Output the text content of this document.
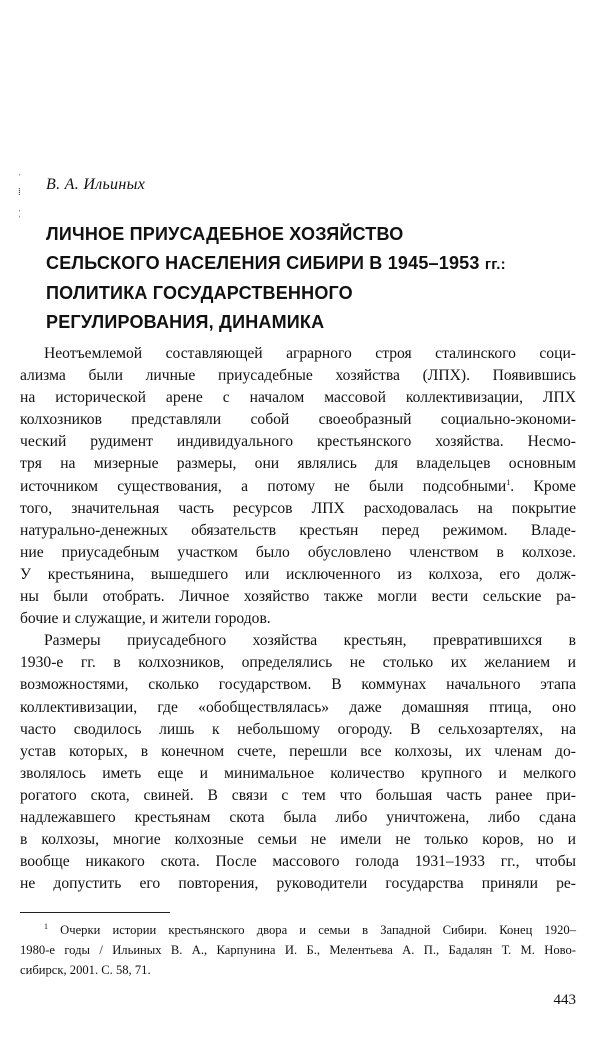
ˈ
⁞
ˌ
ˈ
В. А. Ильиных
ЛИЧНОЕ ПРИУСАДЕБНОЕ ХОЗЯЙСТВО
СЕЛЬСКОГО НАСЕЛЕНИЯ СИБИРИ В 1945–1953 гг.:
ПОЛИТИКА ГОСУДАРСТВЕННОГО
РЕГУЛИРОВАНИЯ, ДИНАМИКА
Неотъемлемой составляющей аграрного строя сталинского соци-
ализма были личные приусадебные хозяйства (ЛПХ). Появившись
на исторической арене с началом массовой коллективизации, ЛПХ
колхозников представляли собой своеобразный социально-экономи-
ческий рудимент индивидуального крестьянского хозяйства. Несмо-
тря на мизерные размеры, они являлись для владельцев основным
источником существования, а потому не были подсобными$^1$. Кроме
того, значительная часть ресурсов ЛПХ расходовалась на покрытие
натурально-денежных обязательств крестьян перед режимом. Владе-
ние приусадебным участком было обусловлено членством в колхозе.
У крестьянина, вышедшего или исключенного из колхоза, его долж-
ны были отобрать. Личное хозяйство также могли вести сельские ра-
бочие и служащие, и жители городов.
Размеры приусадебного хозяйства крестьян, превратившихся в
1930-е гг. в колхозников, определялись не столько их желанием и
возможностями, сколько государством. В коммунах начального этапа
коллективизации, где «обобществлялась» даже домашняя птица, оно
часто сводилось лишь к небольшому огороду. В сельхозартелях, на
устав которых, в конечном счете, перешли все колхозы, их членам до-
зволялось иметь еще и минимальное количество крупного и мелкого
рогатого скота, свиней. В связи с тем что большая часть ранее при-
надлежавшего крестьянам скота была либо уничтожена, либо сдана
в колхозы, многие колхозные семьи не имели не только коров, но и
вообще никакого скота. После массового голода 1931–1933 гг., чтобы
не допустить его повторения, руководители государства приняли ре-
$^1$ Очерки истории крестьянского двора и семьи в Западной Сибири. Конец 1920–
1980-е годы / Ильиных В. А., Карпунина И. Б., Мелентьева А. П., Бадалян Т. М. Ново-
сибирск, 2001. С. 58, 71.
443
